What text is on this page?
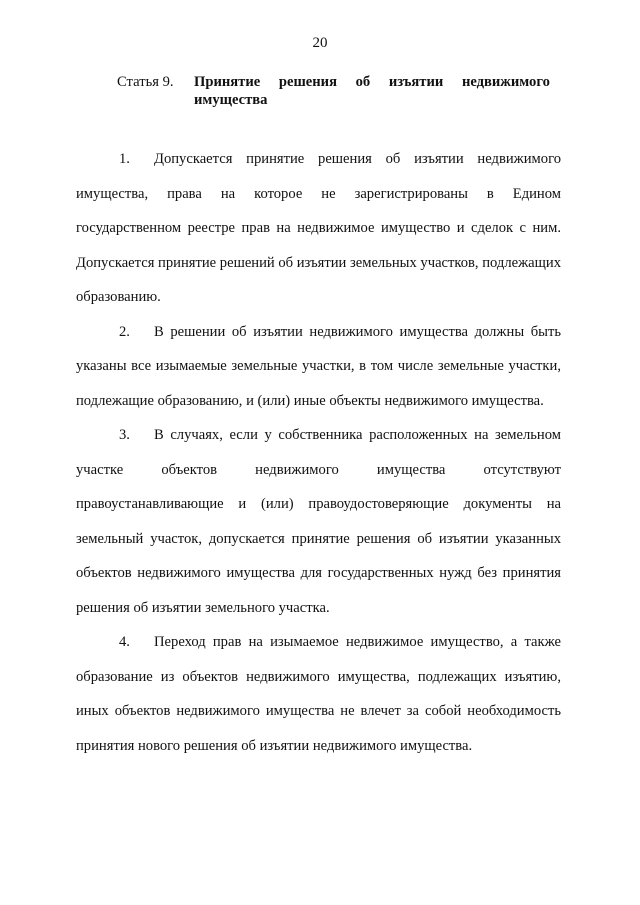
20
Статья 9.	Принятие решения об изъятии недвижимого
имущества

1. Допускается принятие решения об изъятии недвижимого имущества, права на которое не зарегистрированы в Едином государственном реестре прав на недвижимое имущество и сделок с ним. Допускается принятие решений об изъятии земельных участков, подлежащих образованию.

2. В решении об изъятии недвижимого имущества должны быть указаны все изымаемые земельные участки, в том числе земельные участки, подлежащие образованию, и (или) иные объекты недвижимого имущества.

3. В случаях, если у собственника расположенных на земельном участке объектов недвижимого имущества отсутствуют правоустанавливающие и (или) правоудостоверяющие документы на земельный участок, допускается принятие решения об изъятии указанных объектов недвижимого имущества для государственных нужд без принятия решения об изъятии земельного участка.

4. Переход прав на изымаемое недвижимое имущество, а также образование из объектов недвижимого имущества, подлежащих изъятию, иных объектов недвижимого имущества не влечет за собой необходимость принятия нового решения об изъятии недвижимого имущества.
